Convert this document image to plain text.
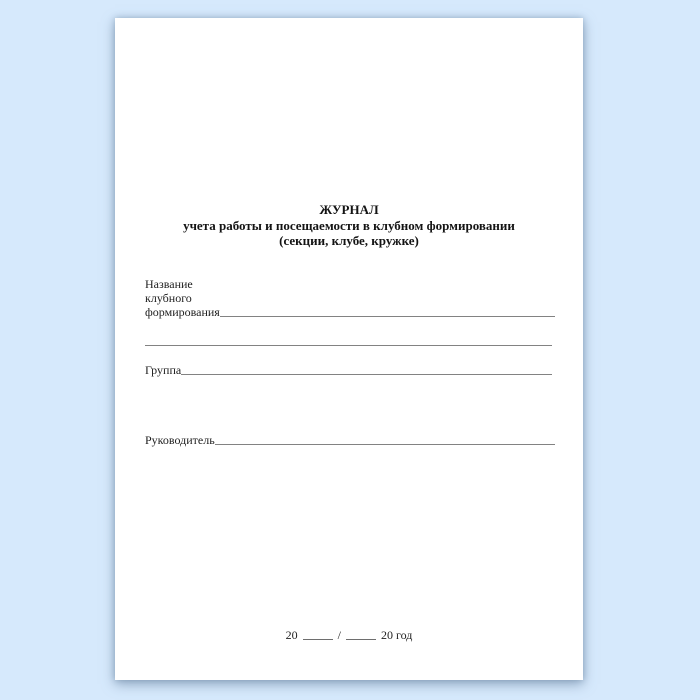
ЖУРНАЛ
учета работы и посещаемости в клубном формировании
(секции, клубе, кружке)
Название
клубного
формирования
Группа
Руководитель
20	/	20 год
